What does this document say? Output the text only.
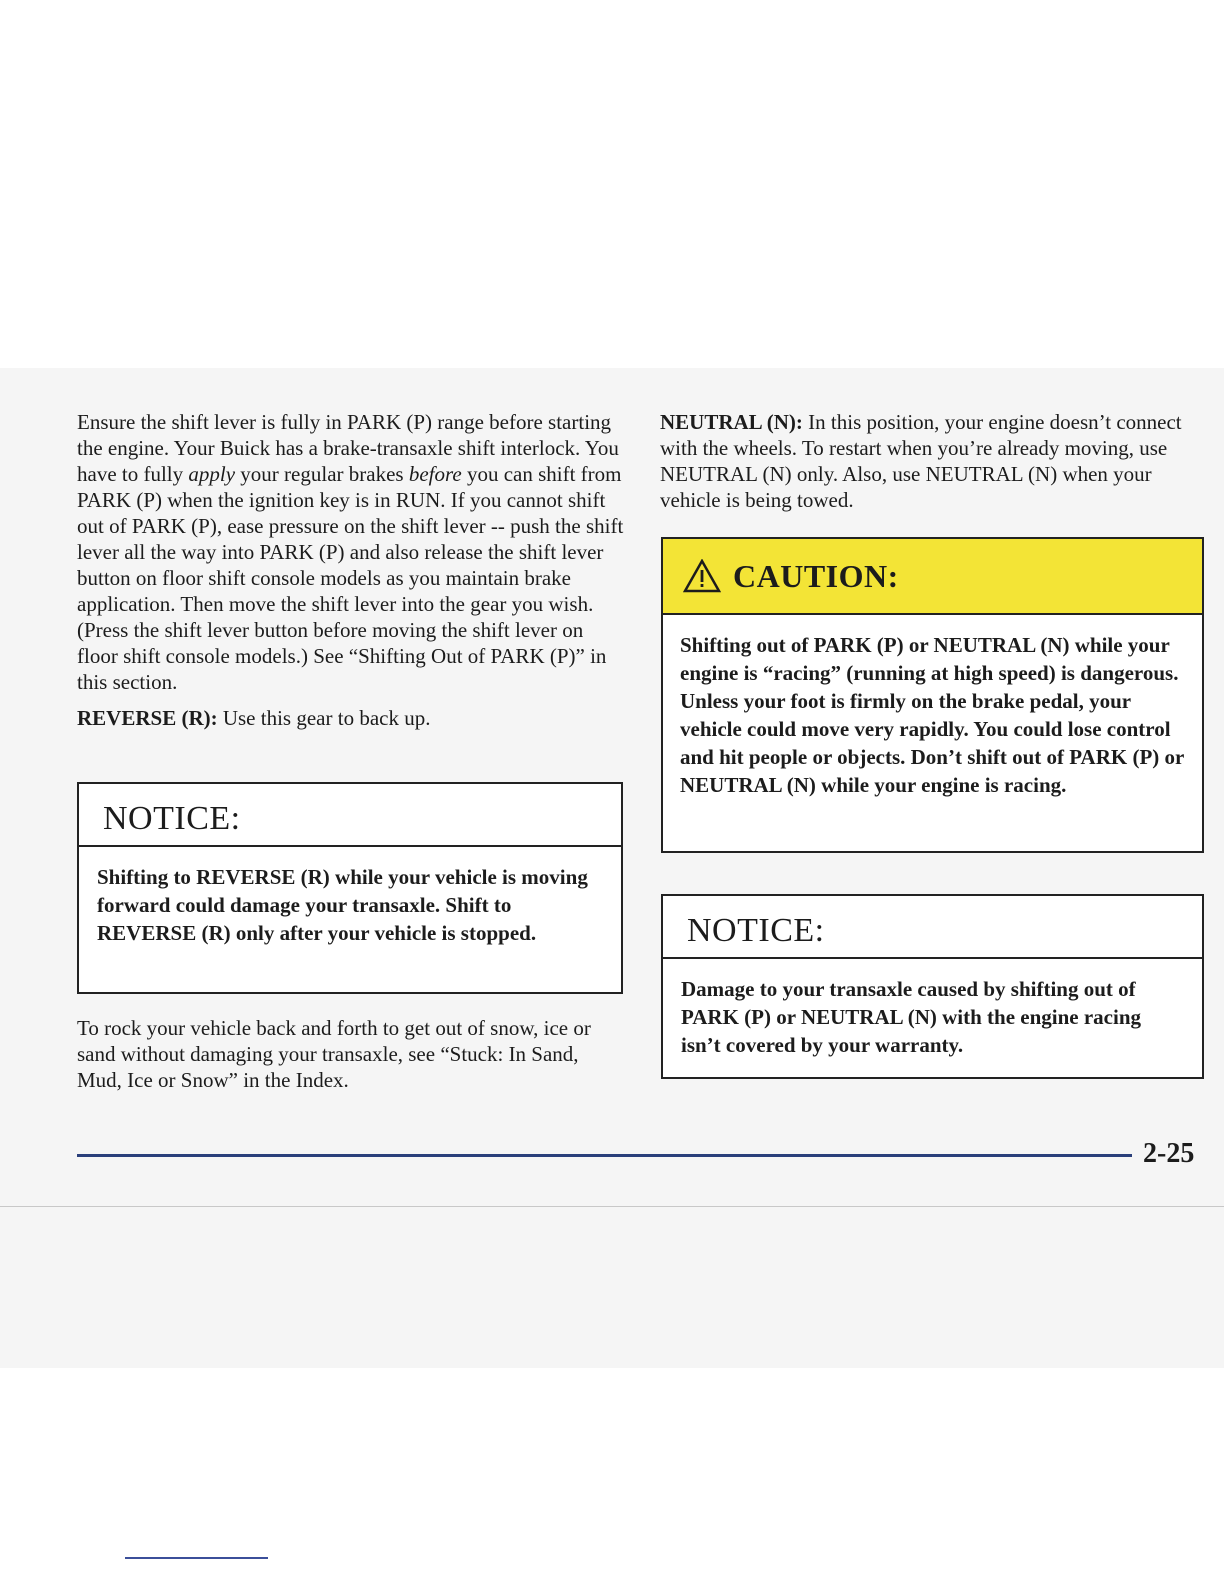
Ensure the shift lever is fully in PARK (P) range before starting the engine. Your Buick has a brake-transaxle shift interlock. You have to fully apply your regular brakes before you can shift from PARK (P) when the ignition key is in RUN. If you cannot shift out of PARK (P), ease pressure on the shift lever -- push the shift lever all the way into PARK (P) and also release the shift lever button on floor shift console models as you maintain brake application. Then move the shift lever into the gear you wish. (Press the shift lever button before moving the shift lever on floor shift console models.) See “Shifting Out of PARK (P)” in this section.

REVERSE (R): Use this gear to back up.

NOTICE:
Shifting to REVERSE (R) while your vehicle is moving forward could damage your transaxle. Shift to REVERSE (R) only after your vehicle is stopped.

To rock your vehicle back and forth to get out of snow, ice or sand without damaging your transaxle, see “Stuck: In Sand, Mud, Ice or Snow” in the Index.

NEUTRAL (N): In this position, your engine doesn’t connect with the wheels. To restart when you’re already moving, use NEUTRAL (N) only. Also, use NEUTRAL (N) when your vehicle is being towed.

CAUTION:
Shifting out of PARK (P) or NEUTRAL (N) while your engine is “racing” (running at high speed) is dangerous. Unless your foot is firmly on the brake pedal, your vehicle could move very rapidly. You could lose control and hit people or objects. Don’t shift out of PARK (P) or NEUTRAL (N) while your engine is racing.
NOTICE:
Damage to your transaxle caused by shifting out of PARK (P) or NEUTRAL (N) with the engine racing isn’t covered by your warranty.
2-25
